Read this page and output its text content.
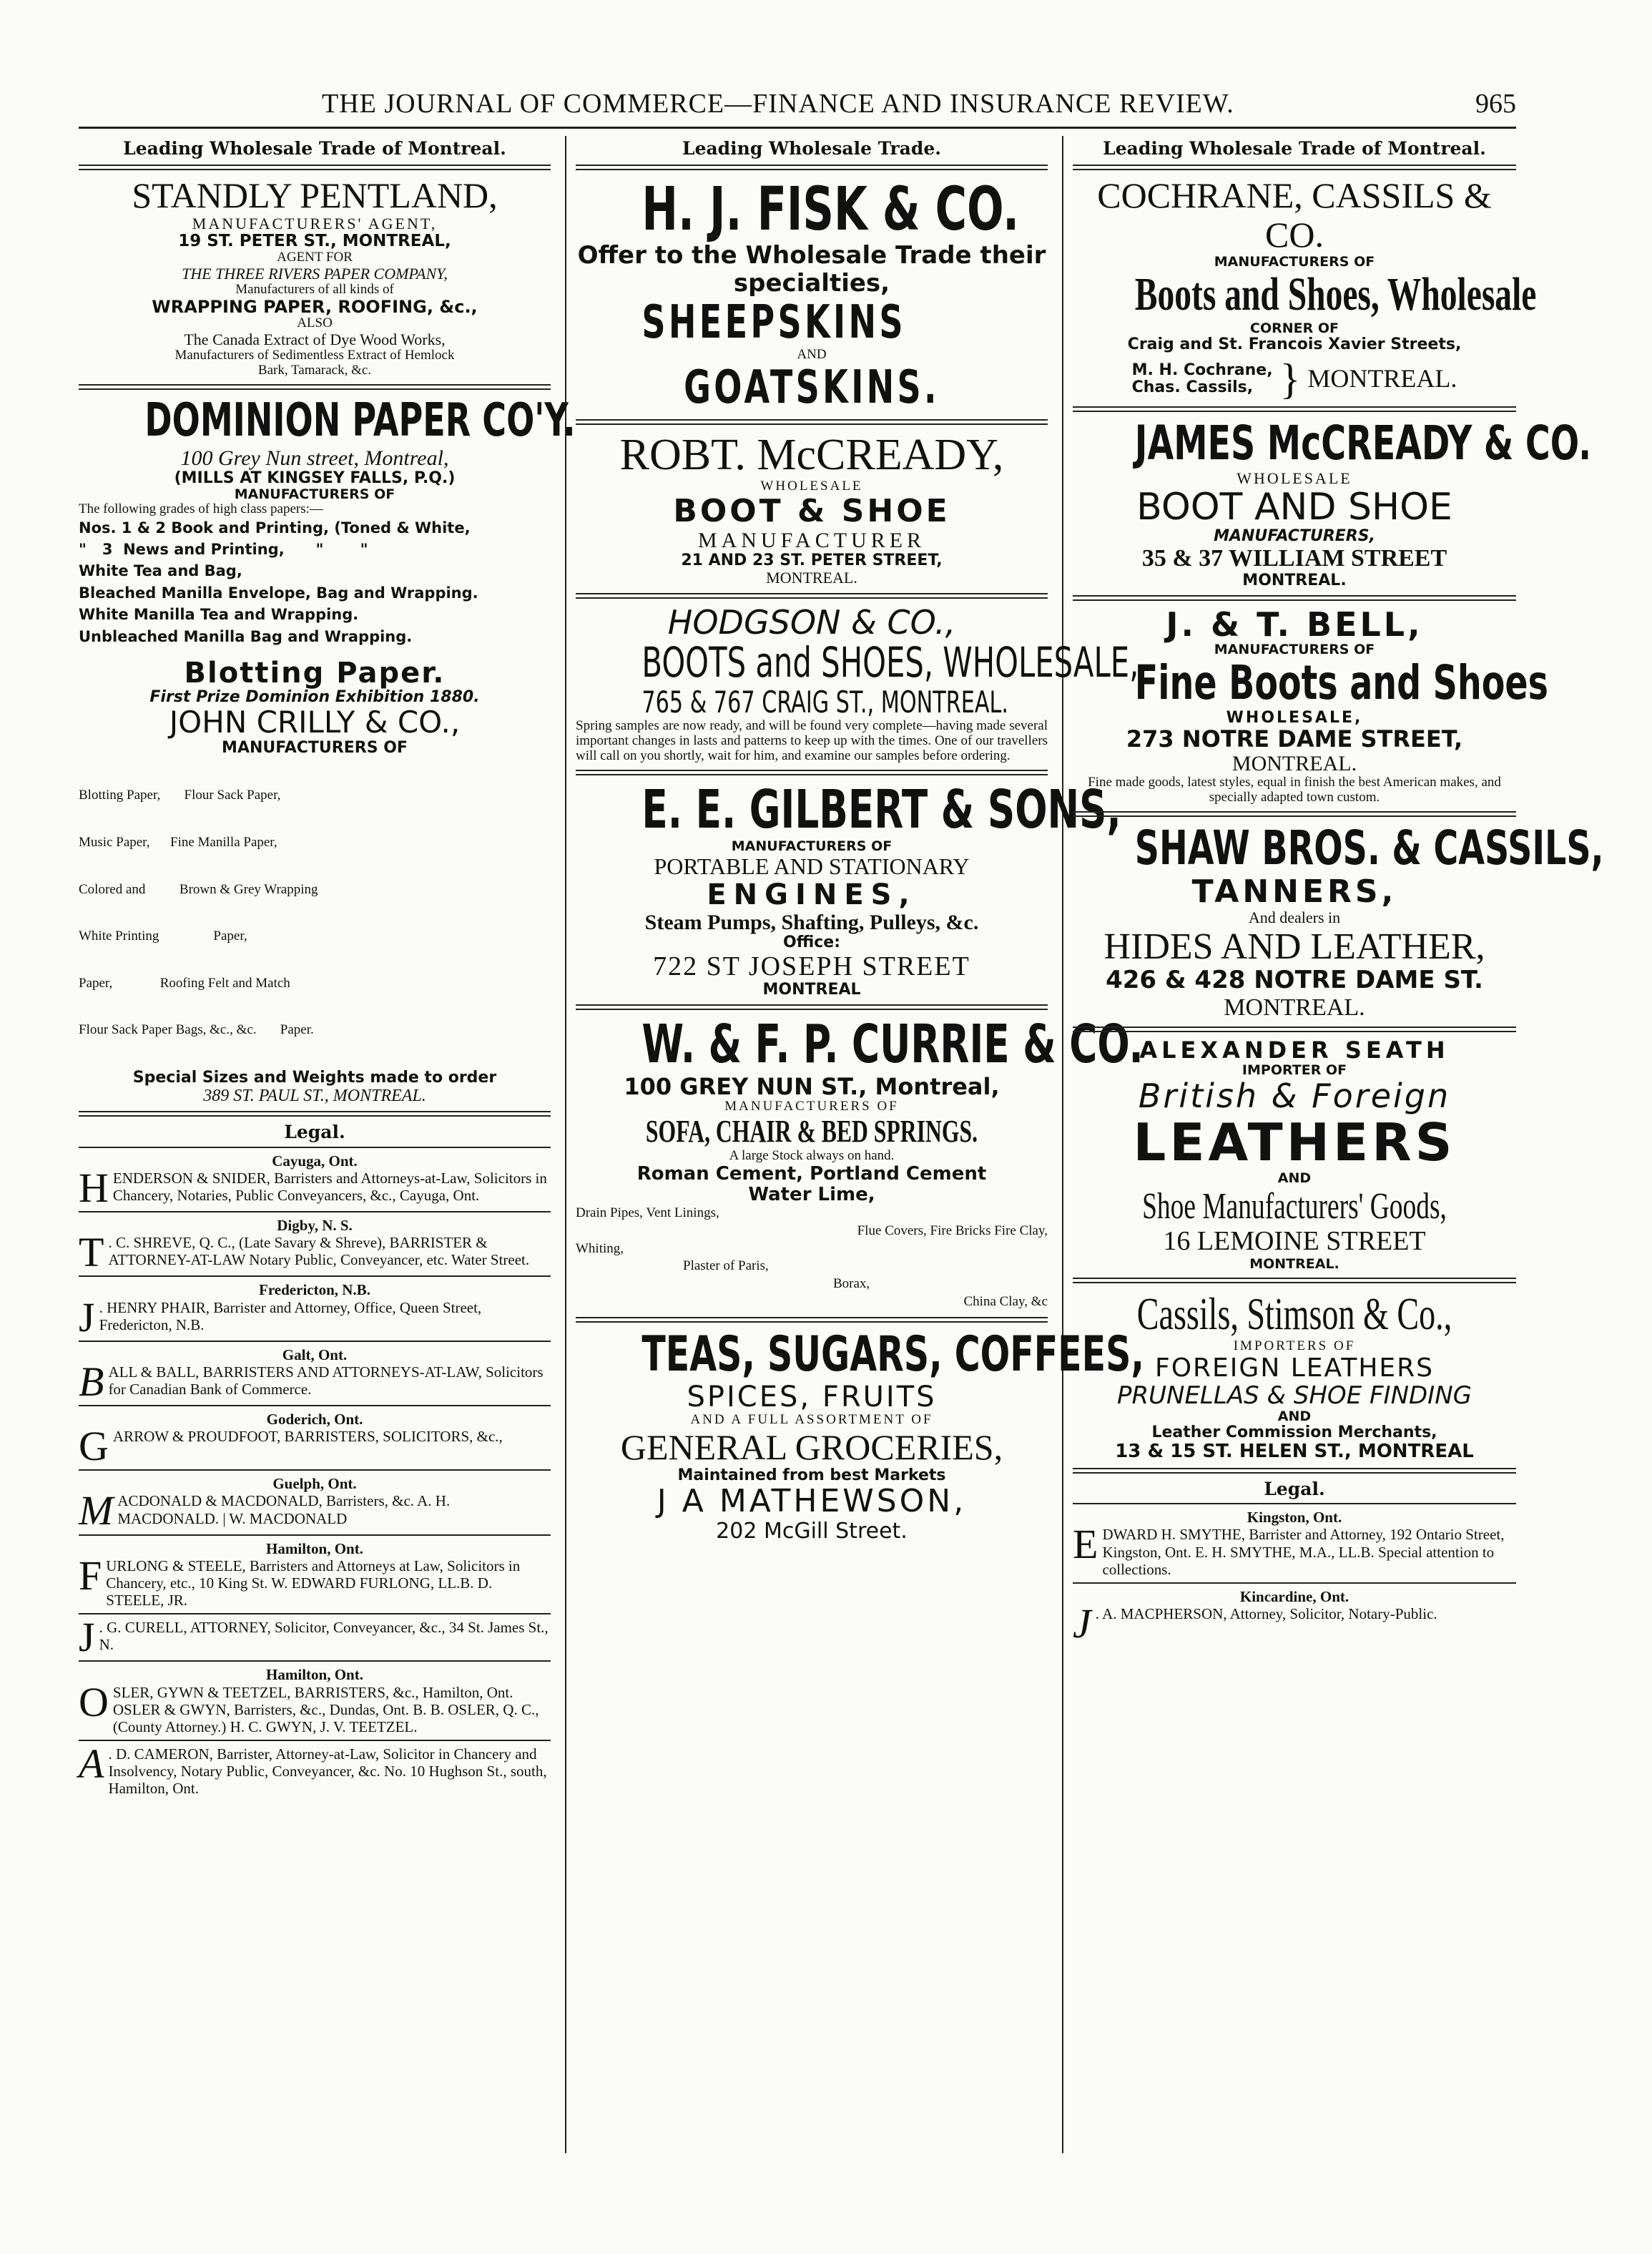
THE JOURNAL OF COMMERCE—FINANCE AND INSURANCE REVIEW.	965
Leading Wholesale Trade of Montreal.
STANDLY PENTLAND,
MANUFACTURERS' AGENT,
19 ST. PETER ST., MONTREAL,
AGENT FOR
THE THREE RIVERS PAPER COMPANY,
Manufacturers of all kinds of
WRAPPING PAPER, ROOFING, &c.,
ALSO
The Canada Extract of Dye Wood Works,
Manufacturers of Sedimentless Extract of Hemlock
Bark, Tamarack, &c.
DOMINION PAPER CO'Y.
100 Grey Nun street, Montreal,
(MILLS AT KINGSEY FALLS, P.Q.)
MANUFACTURERS OF
The following grades of high class papers:—
Nos. 1 & 2 Book and Printing, (Toned & White,
"   3  News and Printing,      "       "
White Tea and Bag,
Bleached Manilla Envelope, Bag and Wrapping.
White Manilla Tea and Wrapping.
Unbleached Manilla Bag and Wrapping.
Blotting Paper.
First Prize Dominion Exhibition 1880.
JOHN CRILLY & CO.,
MANUFACTURERS OF

Blotting Paper,       Flour Sack Paper,

Music Paper,      Fine Manilla Paper,

Colored and          Brown & Grey Wrapping

White Printing                Paper,

Paper,              Roofing Felt and Match

Flour Sack Paper Bags, &c., &c.       Paper.

Special Sizes and Weights made to order
389 ST. PAUL ST., MONTREAL.
Legal.
Cayuga, Ont.
H ENDERSON & SNIDER, Barristers and Attorneys-at-Law, Solicitors in Chancery, Notaries, Public Conveyancers, &c., Cayuga, Ont.
Digby, N. S.
T . C. SHREVE, Q. C., (Late Savary & Shreve), BARRISTER & ATTORNEY-AT-LAW Notary Public, Conveyancer, etc. Water Street.
Fredericton, N.B.
J . HENRY PHAIR, Barrister and Attorney, Office, Queen Street, Fredericton, N.B.
Galt, Ont.
B ALL & BALL, BARRISTERS AND ATTORNEYS-AT-LAW, Solicitors for Canadian Bank of Commerce.
Goderich, Ont.
G ARROW & PROUDFOOT, BARRISTERS, SOLICITORS, &c.,
Guelph, Ont.
M ACDONALD & MACDONALD, Barristers, &c. A. H. MACDONALD. | W. MACDONALD
Hamilton, Ont.
F URLONG & STEELE, Barristers and Attorneys at Law, Solicitors in Chancery, etc., 10 King St. W. EDWARD FURLONG, LL.B. D. STEELE, JR.
J . G. CURELL, ATTORNEY, Solicitor, Conveyancer, &c., 34 St. James St., N.
Hamilton, Ont.
O SLER, GYWN & TEETZEL, BARRISTERS, &c., Hamilton, Ont. OSLER & GWYN, Barristers, &c., Dundas, Ont. B. B. OSLER, Q. C., (County Attorney.) H. C. GWYN, J. V. TEETZEL.
A . D. CAMERON, Barrister, Attorney-at-Law, Solicitor in Chancery and Insolvency, Notary Public, Conveyancer, &c. No. 10 Hughson St., south, Hamilton, Ont.
Leading Wholesale Trade.
H. J. FISK & CO.
Offer to the Wholesale Trade their specialties,
SHEEPSKINS
AND
GOATSKINS.
ROBT. McCREADY,
WHOLESALE
BOOT & SHOE
MANUFACTURER
21 AND 23 ST. PETER STREET,
MONTREAL.
HODGSON & CO.,
BOOTS and SHOES, WHOLESALE,
765 & 767 CRAIG ST., MONTREAL.
Spring samples are now ready, and will be found very complete—having made several important changes in lasts and patterns to keep up with the times. One of our travellers will call on you shortly, wait for him, and examine our samples before ordering.
E. E. GILBERT & SONS,
MANUFACTURERS OF
PORTABLE AND STATIONARY
ENGINES,
Steam Pumps, Shafting, Pulleys, &c.
Office:
722 ST JOSEPH STREET
MONTREAL
W. & F. P. CURRIE & CO.
100 GREY NUN ST., Montreal,
MANUFACTURERS OF
SOFA, CHAIR & BED SPRINGS.
A large Stock always on hand.
Roman Cement, Portland Cement
Water Lime,
Drain Pipes, Vent Linings,
Flue Covers, Fire Bricks Fire Clay,
Whiting,
Plaster of Paris,
Borax,
China Clay, &c
TEAS, SUGARS, COFFEES,
SPICES, FRUITS
AND A FULL ASSORTMENT OF
GENERAL GROCERIES,
Maintained from best Markets
J A MATHEWSON,
202 McGill Street.
Leading Wholesale Trade of Montreal.
COCHRANE, CASSILS & CO.
MANUFACTURERS OF
Boots and Shoes, Wholesale
CORNER OF
Craig and St. Francois Xavier Streets,
M. H. Cochrane,
Chas. Cassils, } MONTREAL.
JAMES McCREADY & CO.
WHOLESALE
BOOT AND SHOE
MANUFACTURERS,
35 & 37 WILLIAM STREET
MONTREAL.
J. & T. BELL,
MANUFACTURERS OF
Fine Boots and Shoes
WHOLESALE,
273 NOTRE DAME STREET,
MONTREAL.
Fine made goods, latest styles, equal in finish the best American makes, and specially adapted town custom.
SHAW BROS. & CASSILS,
TANNERS,
And dealers in
HIDES AND LEATHER,
426 & 428 NOTRE DAME ST.
MONTREAL.
ALEXANDER SEATH
IMPORTER OF
British & Foreign
LEATHERS
AND
Shoe Manufacturers' Goods,
16 LEMOINE STREET
MONTREAL.
Cassils, Stimson & Co.,
IMPORTERS OF
FOREIGN LEATHERS
PRUNELLAS & SHOE FINDING
AND
Leather Commission Merchants,
13 & 15 ST. HELEN ST., MONTREAL
Legal.
Kingston, Ont.
E DWARD H. SMYTHE, Barrister and Attorney, 192 Ontario Street, Kingston, Ont. E. H. SMYTHE, M.A., LL.B. Special attention to collections.
Kincardine, Ont.
J . A. MACPHERSON, Attorney, Solicitor, Notary-Public.
